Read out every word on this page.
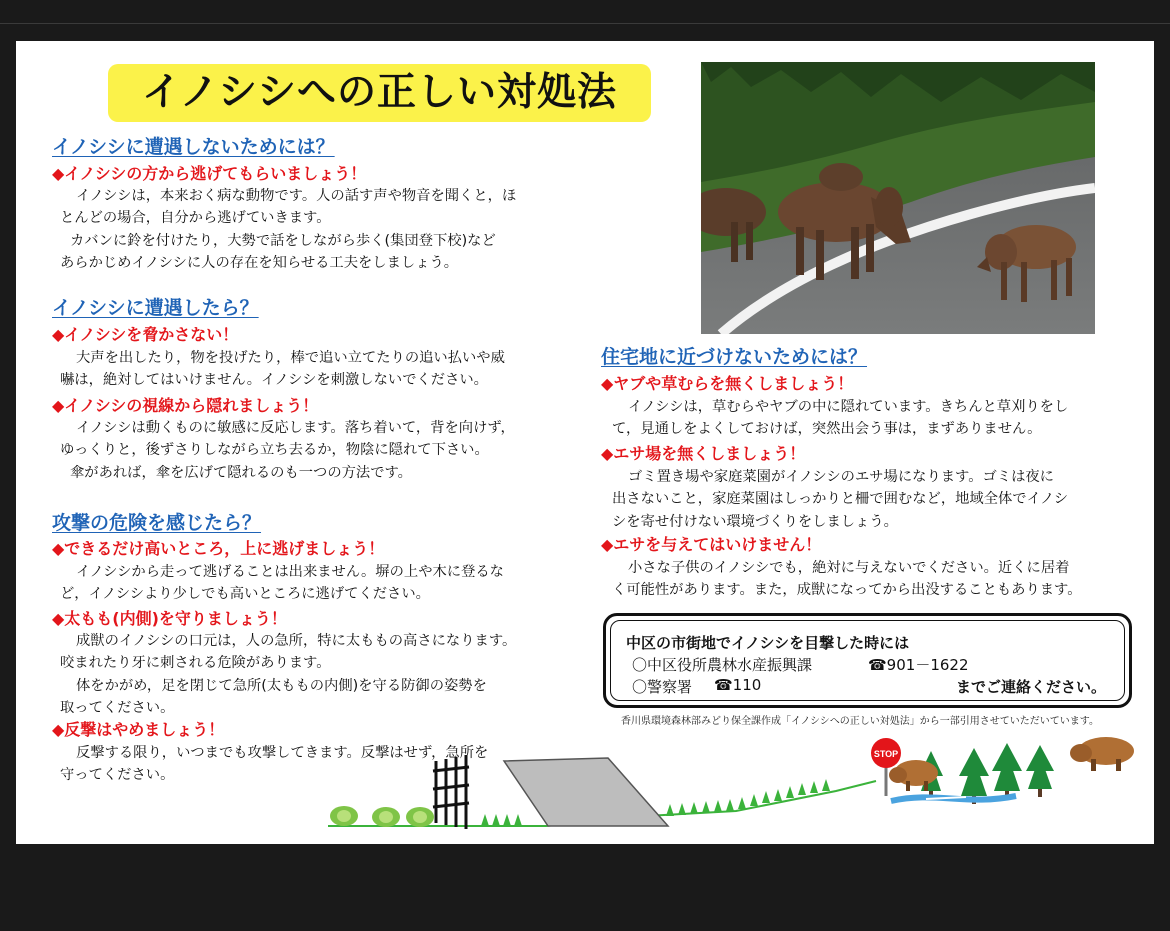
イノシシへの正しい対処法
イノシシに遭遇しないためには？
◆イノシシの方から逃げてもらいましょう！
イノシシは，本来おく病な動物です。人の話す声や物音を聞くと，ほ
とんどの場合，自分から逃げていきます。
カバンに鈴を付けたり，大勢で話をしながら歩く(集団登下校)など
あらかじめイノシシに人の存在を知らせる工夫をしましょう。
イノシシに遭遇したら？
◆イノシシを脅かさない！
大声を出したり，物を投げたり，棒で追い立てたりの追い払いや威
嚇は，絶対してはいけません。イノシシを刺激しないでください。
◆イノシシの視線から隠れましょう！
イノシシは動くものに敏感に反応します。落ち着いて，背を向けず，
ゆっくりと，後ずさりしながら立ち去るか，物陰に隠れて下さい。
傘があれば，傘を広げて隠れるのも一つの方法です。
攻撃の危険を感じたら？
◆できるだけ高いところ，上に逃げましょう！
イノシシから走って逃げることは出来ません。塀の上や木に登るな
ど，イノシシより少しでも高いところに逃げてください。
◆太もも(内側)を守りましょう！
成獣のイノシシの口元は，人の急所，特に太ももの高さになります。
咬まれたり牙に刺される危険があります。
体をかがめ，足を閉じて急所(太ももの内側)を守る防御の姿勢を
取ってください。
◆反撃はやめましょう！
反撃する限り，いつまでも攻撃してきます。反撃はせず，急所を
守ってください。
住宅地に近づけないためには？
◆ヤブや草むらを無くしましょう！
イノシシは，草むらやヤブの中に隠れています。きちんと草刈りをし
て，見通しをよくしておけば，突然出会う事は，まずありません。
◆エサ場を無くしましょう！
ゴミ置き場や家庭菜園がイノシシのエサ場になります。ゴミは夜に
出さないこと，家庭菜園はしっかりと柵で囲むなど，地域全体でイノシ
シを寄せ付けない環境づくりをしましょう。
◆エサを与えてはいけません！
小さな子供のイノシシでも，絶対に与えないでください。近くに居着
く可能性があります。また，成獣になってから出没することもあります。
中区の市街地でイノシシを目撃した時には
〇中区役所農林水産振興課	☎901－1622
〇警察署 ☎110	までご連絡ください。
香川県環境森林部みどり保全課作成「イノシシへの正しい対処法」から一部引用させていただいています。
STOP
